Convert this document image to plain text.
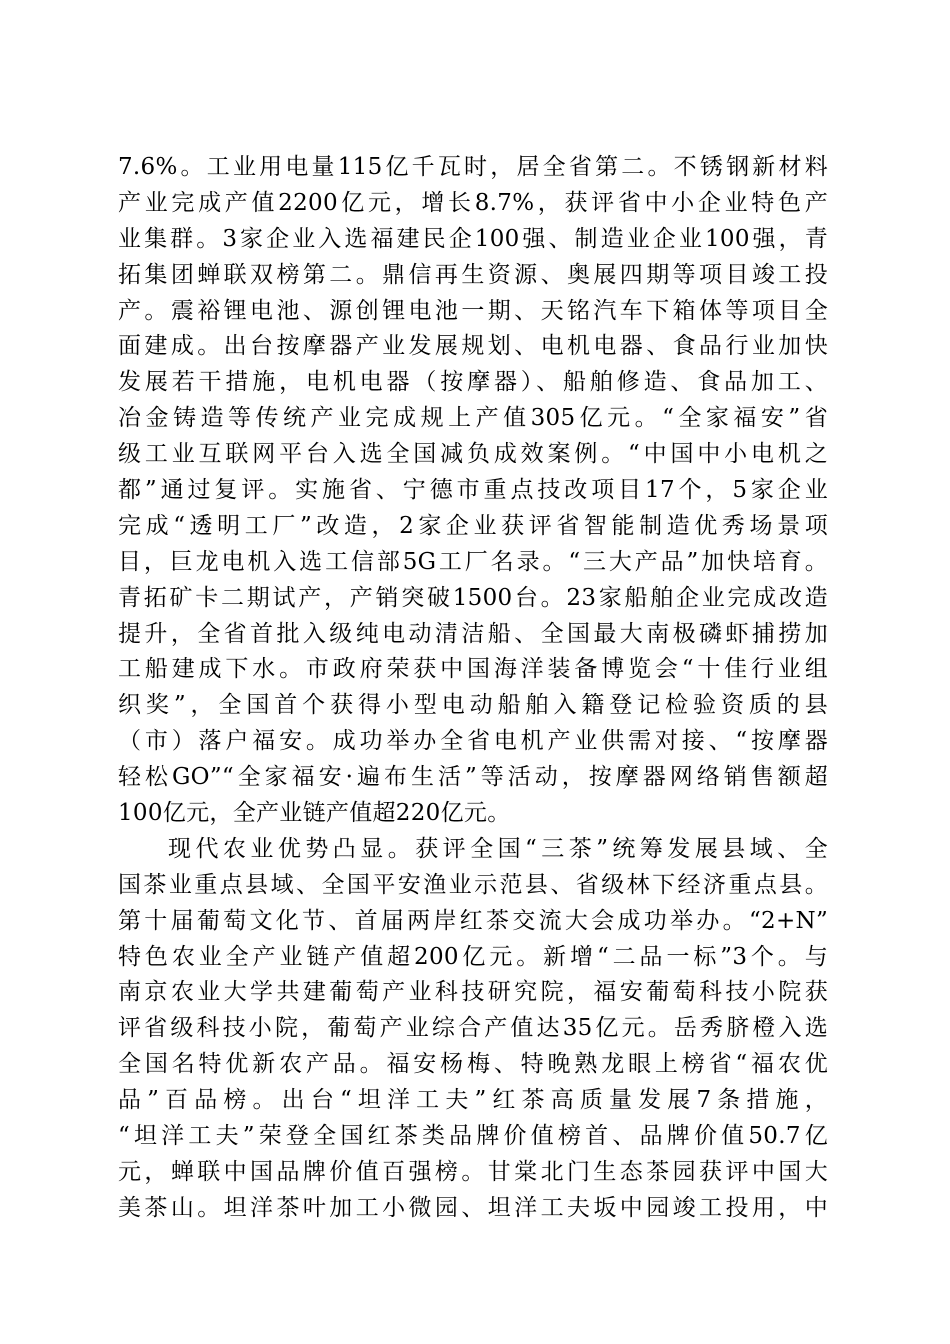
7.6%。工业用电量115亿千瓦时，居全省第二。不锈钢新材料
产业完成产值2200亿元，增长8.7%，获评省中小企业特色产
业集群。3家企业入选福建民企100强、制造业企业100强，青
拓集团蝉联双榜第二。鼎信再生资源、奥展四期等项目竣工投
产。震裕锂电池、源创锂电池一期、天铭汽车下箱体等项目全
面建成。出台按摩器产业发展规划、电机电器、食品行业加快
发展若干措施，电机电器（按摩器）、船舶修造、食品加工、
冶金铸造等传统产业完成规上产值305亿元。“全家福安”省
级工业互联网平台入选全国减负成效案例。“中国中小电机之
都”通过复评。实施省、宁德市重点技改项目17个，5家企业
完成“透明工厂”改造，2家企业获评省智能制造优秀场景项
目，巨龙电机入选工信部5G工厂名录。“三大产品”加快培育。
青拓矿卡二期试产，产销突破1500台。23家船舶企业完成改造
提升，全省首批入级纯电动清洁船、全国最大南极磷虾捕捞加
工船建成下水。市政府荣获中国海洋装备博览会“十佳行业组
织奖”，全国首个获得小型电动船舶入籍登记检验资质的县
（市）落户福安。成功举办全省电机产业供需对接、“按摩器
轻松GO”“全家福安·遍布生活”等活动，按摩器网络销售额超
100亿元，全产业链产值超220亿元。
现代农业优势凸显。获评全国“三茶”统筹发展县域、全
国茶业重点县域、全国平安渔业示范县、省级林下经济重点县。
第十届葡萄文化节、首届两岸红茶交流大会成功举办。“2+N”
特色农业全产业链产值超200亿元。新增“二品一标”3个。与
南京农业大学共建葡萄产业科技研究院，福安葡萄科技小院获
评省级科技小院，葡萄产业综合产值达35亿元。岳秀脐橙入选
全国名特优新农产品。福安杨梅、特晚熟龙眼上榜省“福农优
品”百品榜。出台“坦洋工夫”红茶高质量发展7条措施，
“坦洋工夫”荣登全国红茶类品牌价值榜首、品牌价值50.7亿
元，蝉联中国品牌价值百强榜。甘棠北门生态茶园获评中国大
美茶山。坦洋茶叶加工小微园、坦洋工夫坂中园竣工投用，中
